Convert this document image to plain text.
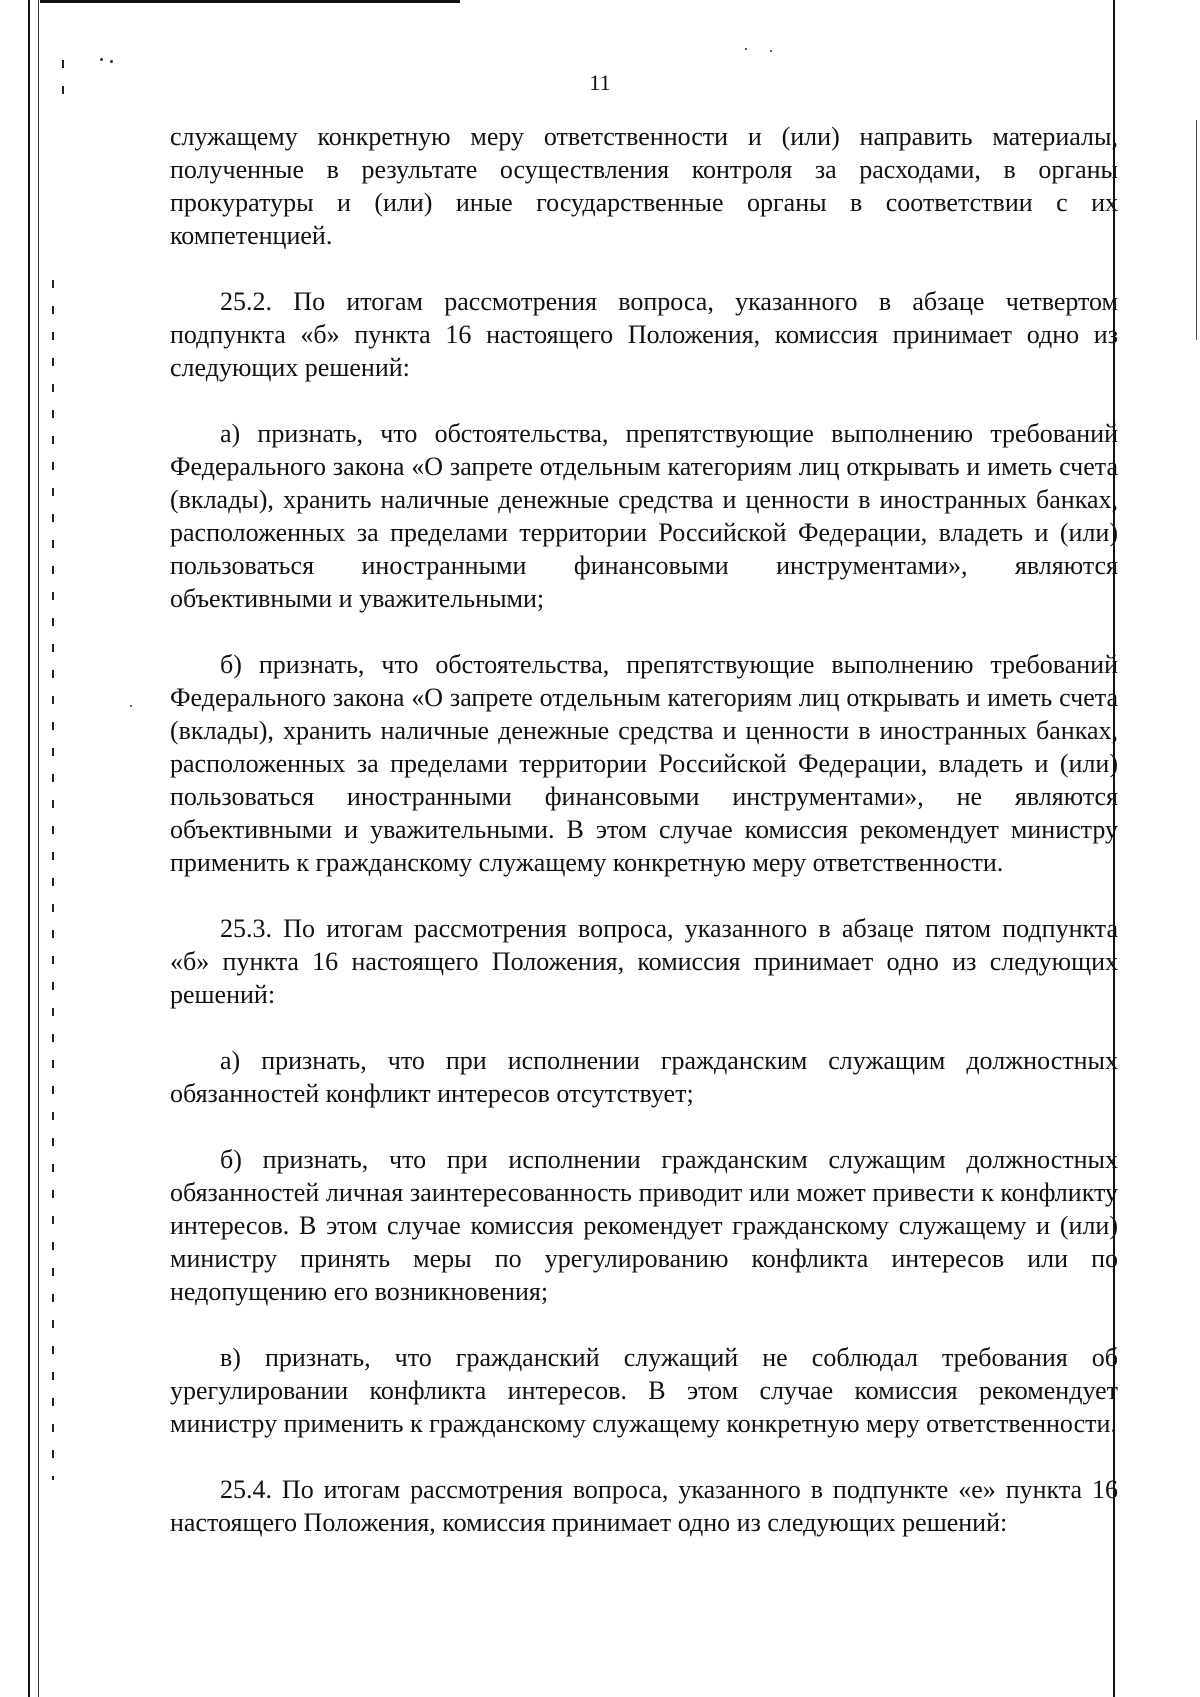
11

служащему конкретную меру ответственности и (или) направить материалы, полученные в результате осуществления контроля за расходами, в органы прокуратуры и (или) иные государственные органы в соответствии с их компетенцией.

25.2. По итогам рассмотрения вопроса, указанного в абзаце четвертом подпункта «б» пункта 16 настоящего Положения, комиссия принимает одно из следующих решений:

а) признать, что обстоятельства, препятствующие выполнению требований Федерального закона «О запрете отдельным категориям лиц открывать и иметь счета (вклады), хранить наличные денежные средства и ценности в иностранных банках, расположенных за пределами территории Российской Федерации, владеть и (или) пользоваться иностранными финансовыми инструментами», являются объективными и уважительными;

б) признать, что обстоятельства, препятствующие выполнению требований Федерального закона «О запрете отдельным категориям лиц открывать и иметь счета (вклады), хранить наличные денежные средства и ценности в иностранных банках, расположенных за пределами территории Российской Федерации, владеть и (или) пользоваться иностранными финансовыми инструментами», не являются объективными и уважительными. В этом случае комиссия рекомендует министру применить к гражданскому служащему конкретную меру ответственности.

25.3. По итогам рассмотрения вопроса, указанного в абзаце пятом подпункта «б» пункта 16 настоящего Положения, комиссия принимает одно из следующих решений:

а) признать, что при исполнении гражданским служащим должностных обязанностей конфликт интересов отсутствует;

б) признать, что при исполнении гражданским служащим должностных обязанностей личная заинтересованность приводит или может привести к конфликту интересов. В этом случае комиссия рекомендует гражданскому служащему и (или) министру принять меры по урегулированию конфликта интересов или по недопущению его возникновения;

в) признать, что гражданский служащий не соблюдал требования об урегулировании конфликта интересов. В этом случае комиссия рекомендует министру применить к гражданскому служащему конкретную меру ответственности.

25.4. По итогам рассмотрения вопроса, указанного в подпункте «е» пункта 16 настоящего Положения, комиссия принимает одно из следующих решений:
